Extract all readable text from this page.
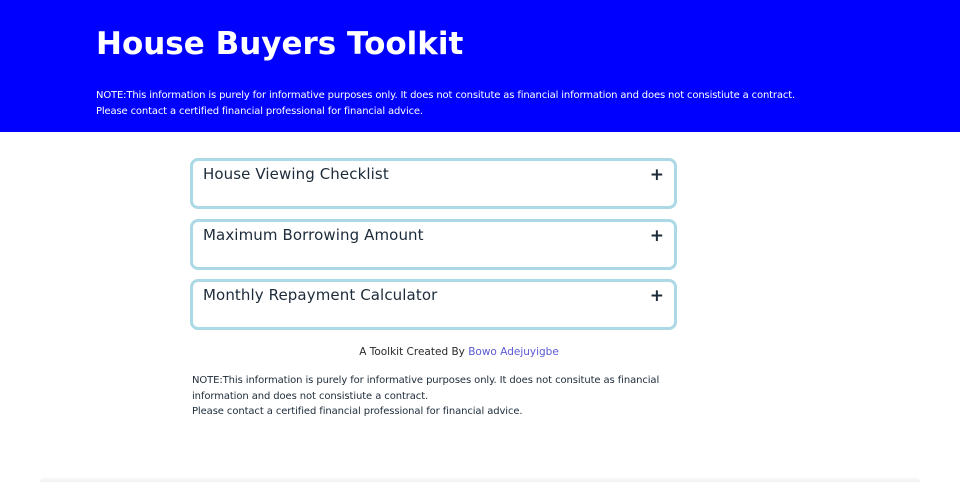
House Buyers Toolkit
NOTE:This information is purely for informative purposes only. It does not consitute as financial information and does not consistiute a contract.
Please contact a certified financial professional for financial advice.
House Viewing Checklist	+
Maximum Borrowing Amount	+
Monthly Repayment Calculator	+
A Toolkit Created By Bowo Adejuyigbe
NOTE:This information is purely for informative purposes only. It does not consitute as financial information and does not consistiute a contract.
Please contact a certified financial professional for financial advice.
